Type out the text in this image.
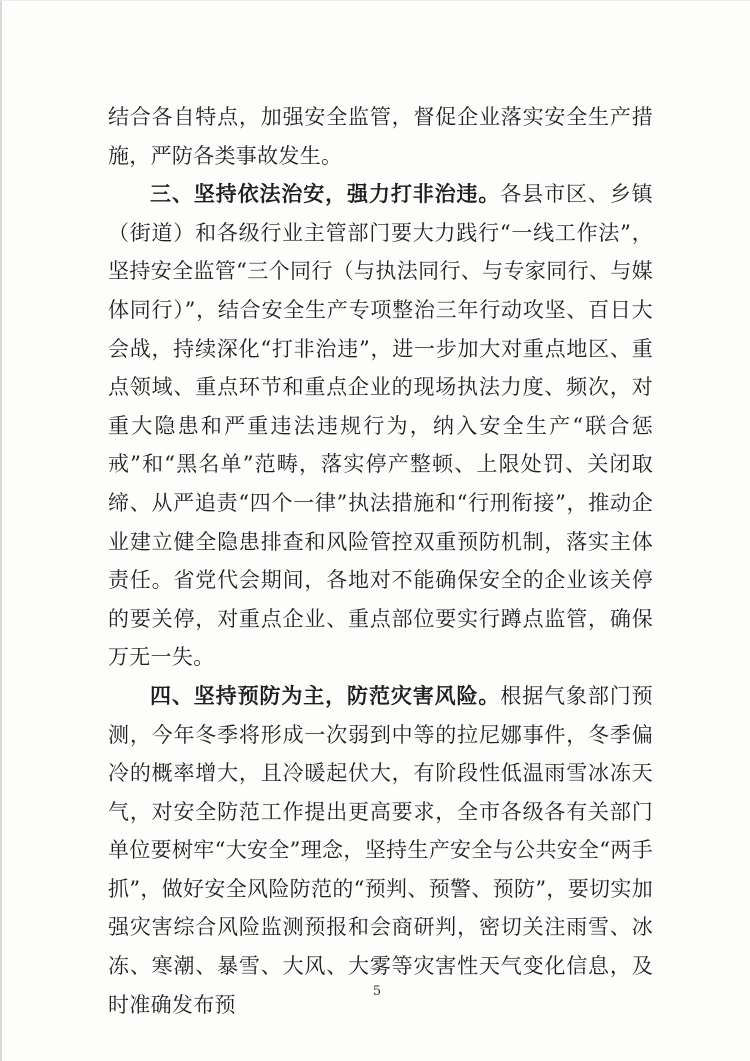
结合各自特点，加强安全监管，督促企业落实安全生产措施，严防各类事故发生。

三、坚持依法治安，强力打非治违。各县市区、乡镇（街道）和各级行业主管部门要大力践行“一线工作法”，坚持安全监管“三个同行（与执法同行、与专家同行、与媒体同行）”，结合安全生产专项整治三年行动攻坚、百日大会战，持续深化“打非治违”，进一步加大对重点地区、重点领域、重点环节和重点企业的现场执法力度、频次，对重大隐患和严重违法违规行为，纳入安全生产“联合惩戒”和“黑名单”范畴，落实停产整顿、上限处罚、关闭取缔、从严追责“四个一律”执法措施和“行刑衔接”，推动企业建立健全隐患排查和风险管控双重预防机制，落实主体责任。省党代会期间，各地对不能确保安全的企业该关停的要关停，对重点企业、重点部位要实行蹲点监管，确保万无一失。

四、坚持预防为主，防范灾害风险。根据气象部门预测，今年冬季将形成一次弱到中等的拉尼娜事件，冬季偏冷的概率增大，且冷暖起伏大，有阶段性低温雨雪冰冻天气，对安全防范工作提出更高要求，全市各级各有关部门单位要树牢“大安全”理念，坚持生产安全与公共安全“两手抓”，做好安全风险防范的“预判、预警、预防”，要切实加强灾害综合风险监测预报和会商研判，密切关注雨雪、冰冻、寒潮、暴雪、大风、大雾等灾害性天气变化信息，及时准确发布预

5
